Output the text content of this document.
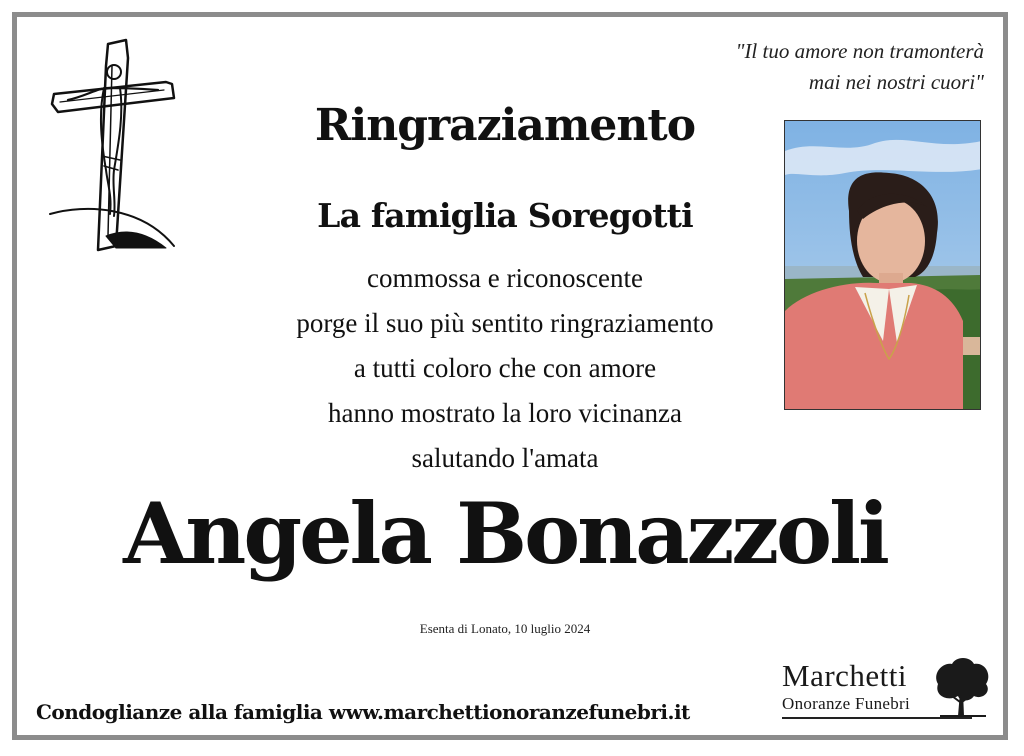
"Il tuo amore non tramonterà
mai nei nostri cuori"
Ringraziamento
La famiglia Soregotti
commossa e riconoscente
porge il suo più sentito ringraziamento
a tutti coloro che con amore
hanno mostrato la loro vicinanza
salutando l'amata
Angela Bonazzoli
Esenta di Lonato, 10 luglio 2024
Condoglianze alla famiglia www.marchettionoranzefunebri.it
Marchetti
Onoranze Funebri
